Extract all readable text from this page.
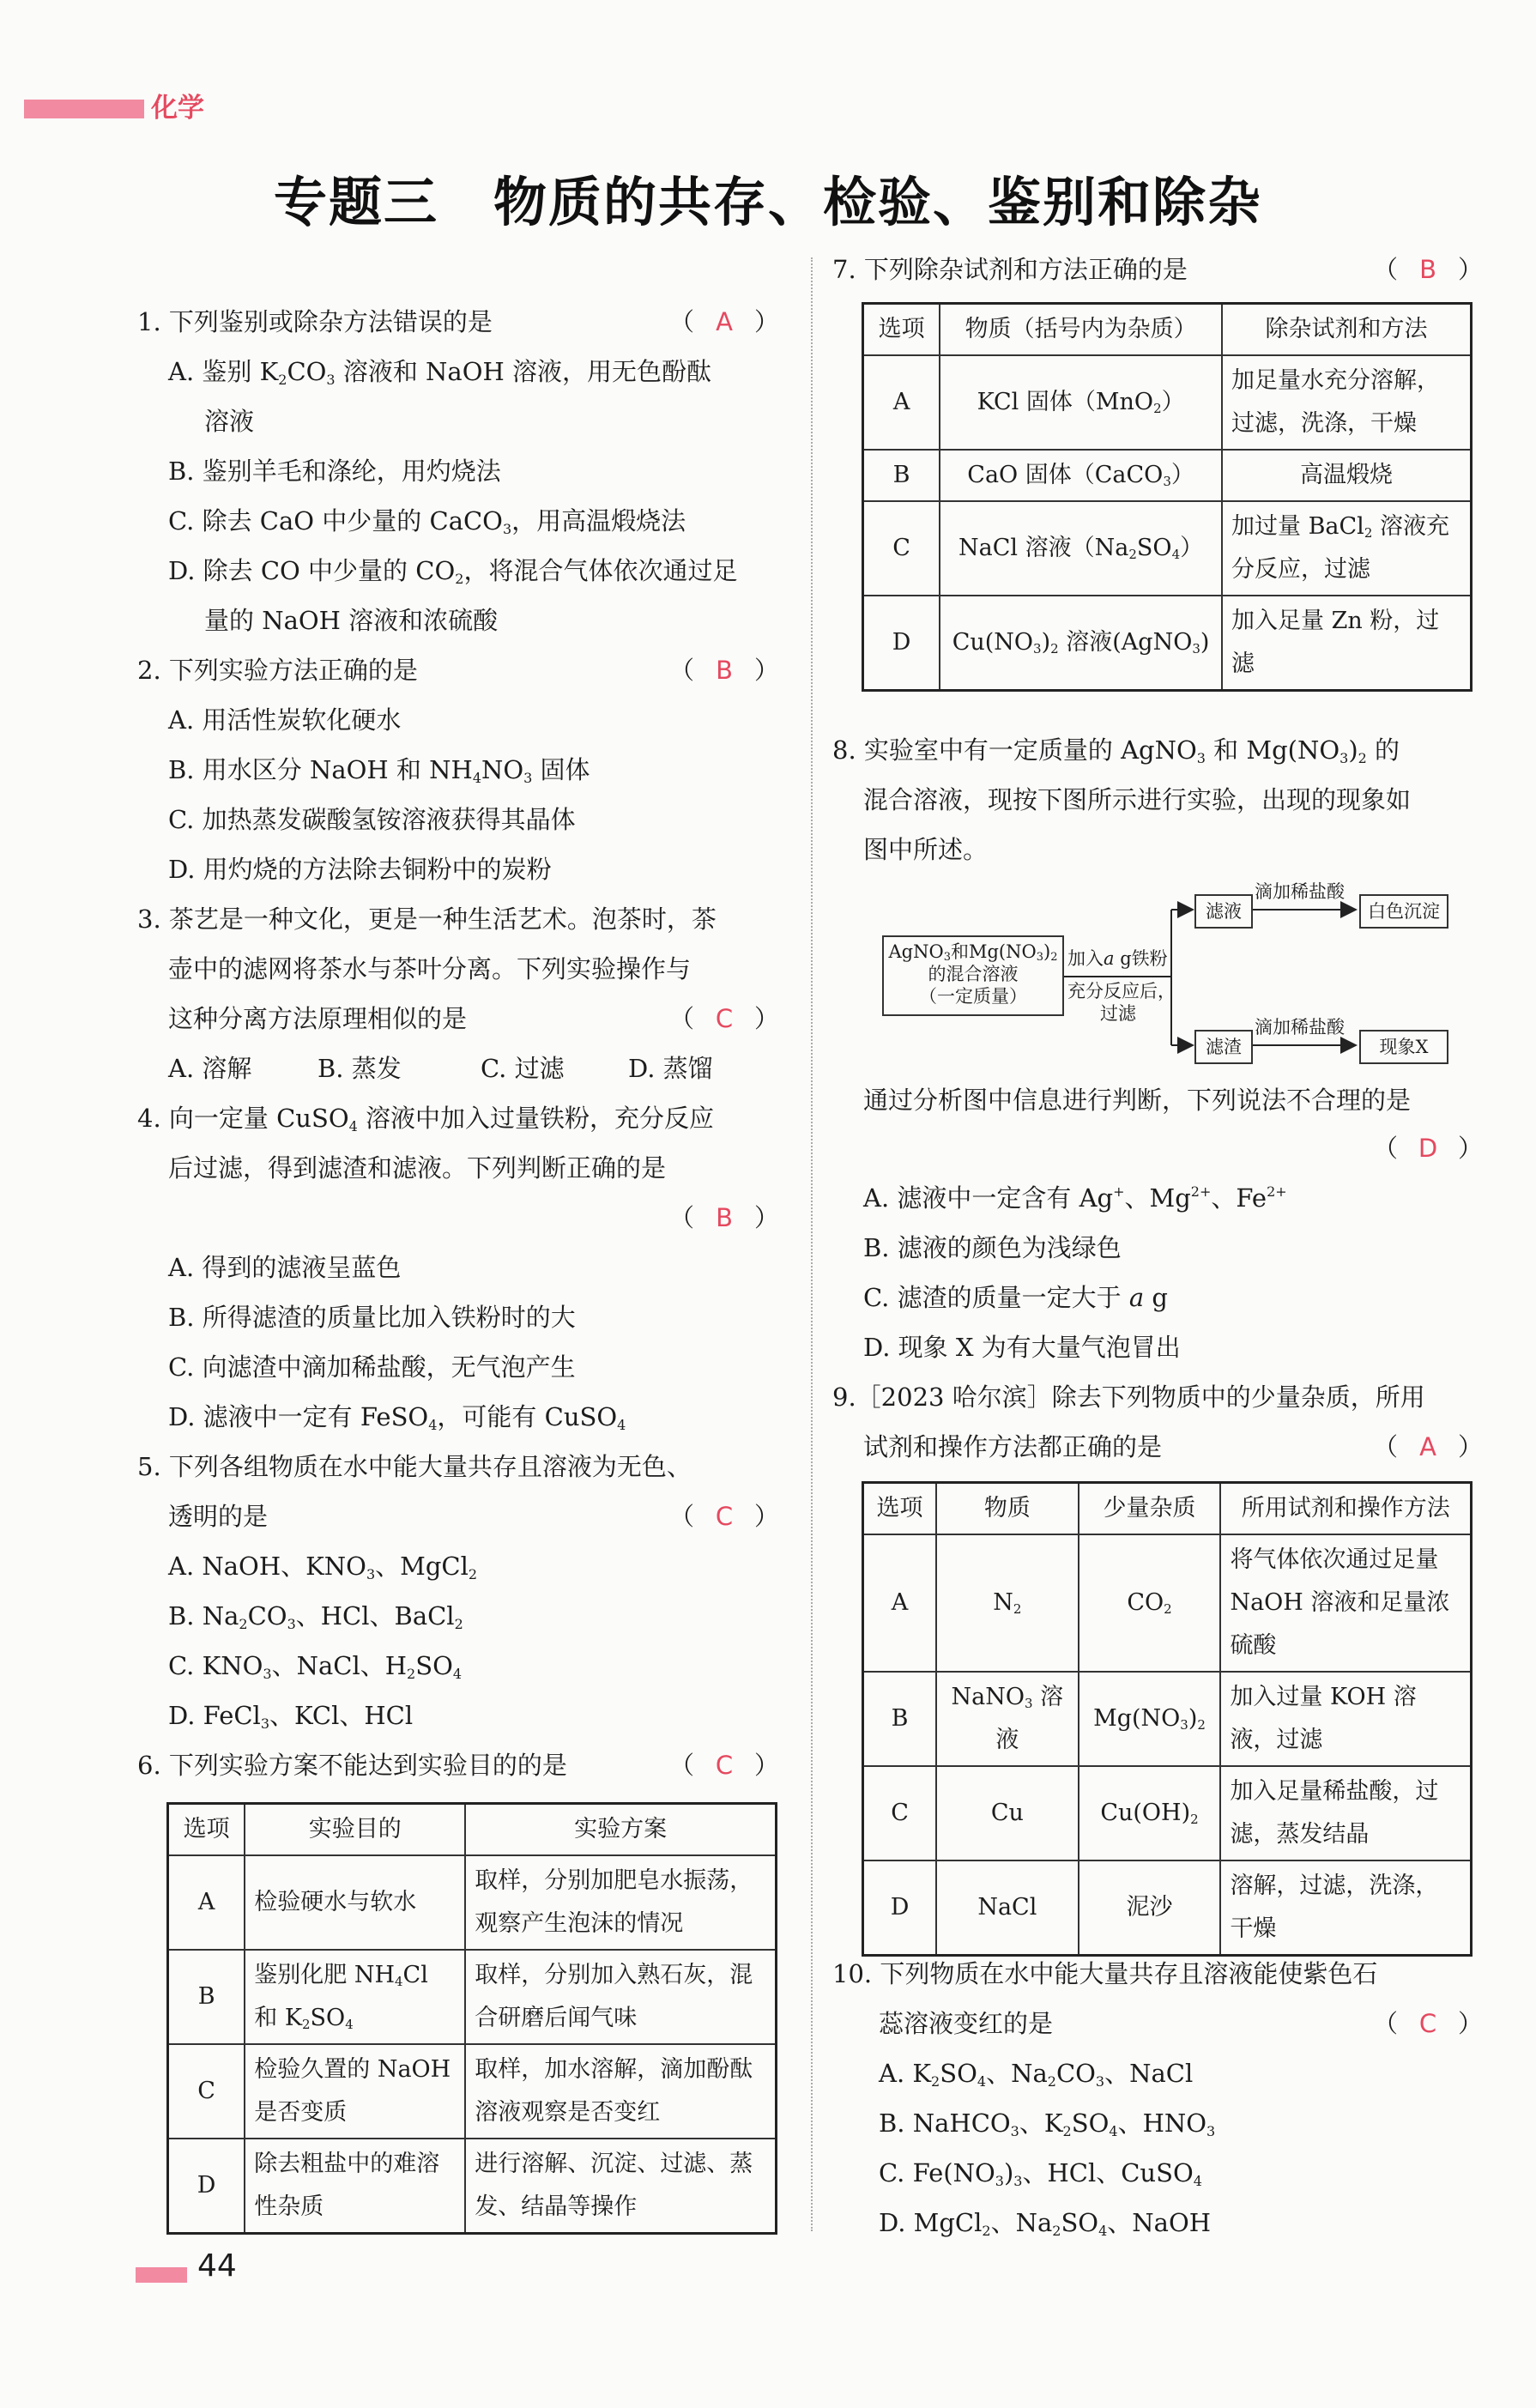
化学
专题三　物质的共存、检验、鉴别和除杂
1. 下列鉴别或除杂方法错误的是	（ A ）
A. 鉴别 $K_2CO_3$ 溶液和 NaOH 溶液，用无色酚酞
溶液
B. 鉴别羊毛和涤纶，用灼烧法
C. 除去 CaO 中少量的 CaCO$_3$，用高温煅烧法
D. 除去 CO 中少量的 $CO_2$，将混合气体依次通过足
量的 NaOH 溶液和浓硫酸
2. 下列实验方法正确的是	（ B ）
A. 用活性炭软化硬水
B. 用水区分 NaOH 和 $NH_4NO_3$ 固体
C. 加热蒸发碳酸氢铵溶液获得其晶体
D. 用灼烧的方法除去铜粉中的炭粉
3. 茶艺是一种文化，更是一种生活艺术。泡茶时，茶
壶中的滤网将茶水与茶叶分离。下列实验操作与
这种分离方法原理相似的是	（ C ）
A. 溶解	B. 蒸发	C. 过滤	D. 蒸馏
4. 向一定量 CuSO$_4$ 溶液中加入过量铁粉，充分反应
后过滤，得到滤渣和滤液。下列判断正确的是
（ B ）
A. 得到的滤液呈蓝色
B. 所得滤渣的质量比加入铁粉时的大
C. 向滤渣中滴加稀盐酸，无气泡产生
D. 滤液中一定有 FeSO$_4$，可能有 CuSO$_4$
5. 下列各组物质在水中能大量共存且溶液为无色、
透明的是	（ C ）
A. NaOH、$KNO_3$、MgCl$_2$
B. $Na_2CO_3$、HCl、BaCl$_2$
C. $KNO_3$、NaCl、$H_2SO_4$
D. FeCl$_3$、KCl、HCl
6. 下列实验方案不能达到实验目的的是	（ C ）
选项	实验目的	实验方案
A	检验硬水与软水	取样，分别加肥皂水振荡，观察产生泡沫的情况
B	鉴别化肥 $NH_4Cl$ 和 $K_2SO_4$	取样，分别加入熟石灰，混合研磨后闻气味
C	检验久置的 NaOH 是否变质	取样，加水溶解，滴加酚酞溶液观察是否变红
D	除去粗盐中的难溶性杂质	进行溶解、沉淀、过滤、蒸发、结晶等操作
7. 下列除杂试剂和方法正确的是	（ B ）
选项	物质（括号内为杂质）	除杂试剂和方法
A	KCl 固体（MnO$_2$）	加足量水充分溶解，过滤，洗涤，干燥
B	CaO 固体（CaCO$_3$）	高温煅烧
C	NaCl 溶液$(Na_2SO_4)$	加过量 BaCl$_2$ 溶液充分反应，过滤
D	$Cu(NO_3)_2$ 溶液(AgNO$_3$)	加入足量 Zn 粉，过滤
8. 实验室中有一定质量的 AgNO$_3$ 和 $Mg(NO_3)_2$ 的
混合溶液，现按下图所示进行实验，出现的现象如
图中所述。
AgNO$_3$和$Mg(NO_3)_2$
的混合溶液
（一定质量）
加入a g铁粉
充分反应后，
过滤
滤液
滤渣
滴加稀盐酸
滴加稀盐酸
白色沉淀
现象X
通过分析图中信息进行判断，下列说法不合理的是
（ D ）
A. 滤液中一定含有 Ag+、$Mg^{2+}$、$Fe^{2+}$
B. 滤液的颜色为浅绿色
C. 滤渣的质量一定大于 a g
D. 现象 X 为有大量气泡冒出
9.［2023 哈尔滨］除去下列物质中的少量杂质，所用
试剂和操作方法都正确的是	（ A ）
选项	物质	少量杂质	所用试剂和操作方法
A	$N_2$	$CO_2$	将气体依次通过足量 NaOH 溶液和足量浓硫酸
B	NaNO$_3$ 溶液	$Mg(NO_3)_2$	加入过量 KOH 溶液，过滤
C	Cu	$Cu(OH)_2$	加入足量稀盐酸，过滤，蒸发结晶
D	NaCl	泥沙	溶解，过滤，洗涤，干燥
10. 下列物质在水中能大量共存且溶液能使紫色石
蕊溶液变红的是	（ C ）
A. $K_2SO_4$、$Na_2CO_3$、NaCl
B. NaHCO$_3$、$K_2SO_4$、$HNO_3$
C. $Fe(NO_3)_3$、HCl、CuSO$_4$
D. MgCl$_2$、$Na_2SO_4$、NaOH
44
